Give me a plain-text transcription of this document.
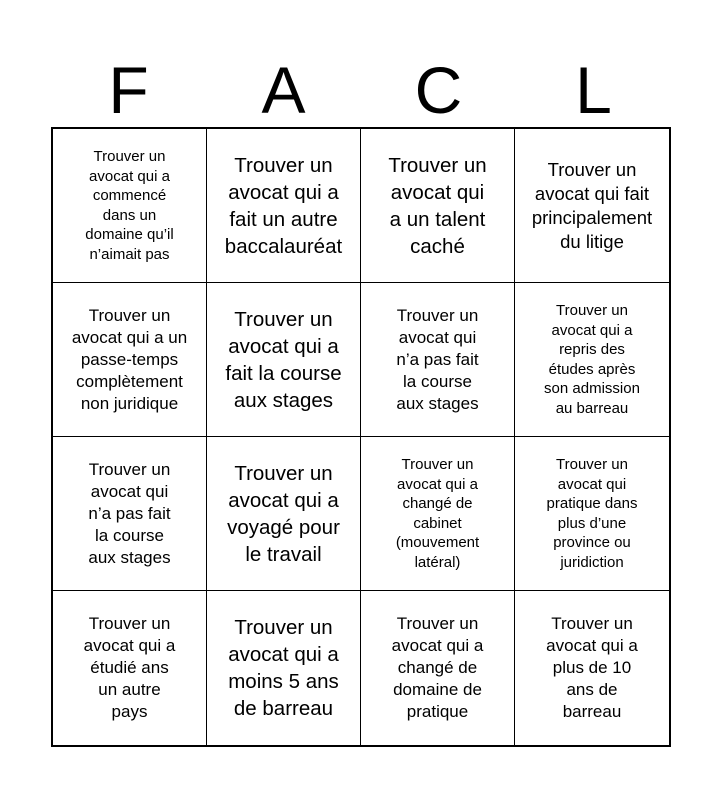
F	A	C	L
Trouver un
avocat qui a
commencé
dans un
domaine qu’il
n’aimait pas
Trouver un
avocat qui a
fait un autre
baccalauréat
Trouver un
avocat qui
a un talent
caché
Trouver un
avocat qui fait
principalement
du litige
Trouver un
avocat qui a un
passe-temps
complètement
non juridique
Trouver un
avocat qui a
fait la course
aux stages
Trouver un
avocat qui
n’a pas fait
la course
aux stages
Trouver un
avocat qui a
repris des
études après
son admission
au barreau
Trouver un
avocat qui
n’a pas fait
la course
aux stages
Trouver un
avocat qui a
voyagé pour
le travail
Trouver un
avocat qui a
changé de
cabinet
(mouvement
latéral)
Trouver un
avocat qui
pratique dans
plus d’une
province ou
juridiction
Trouver un
avocat qui a
étudié ans
un autre
pays
Trouver un
avocat qui a
moins 5 ans
de barreau
Trouver un
avocat qui a
changé de
domaine de
pratique
Trouver un
avocat qui a
plus de 10
ans de
barreau
